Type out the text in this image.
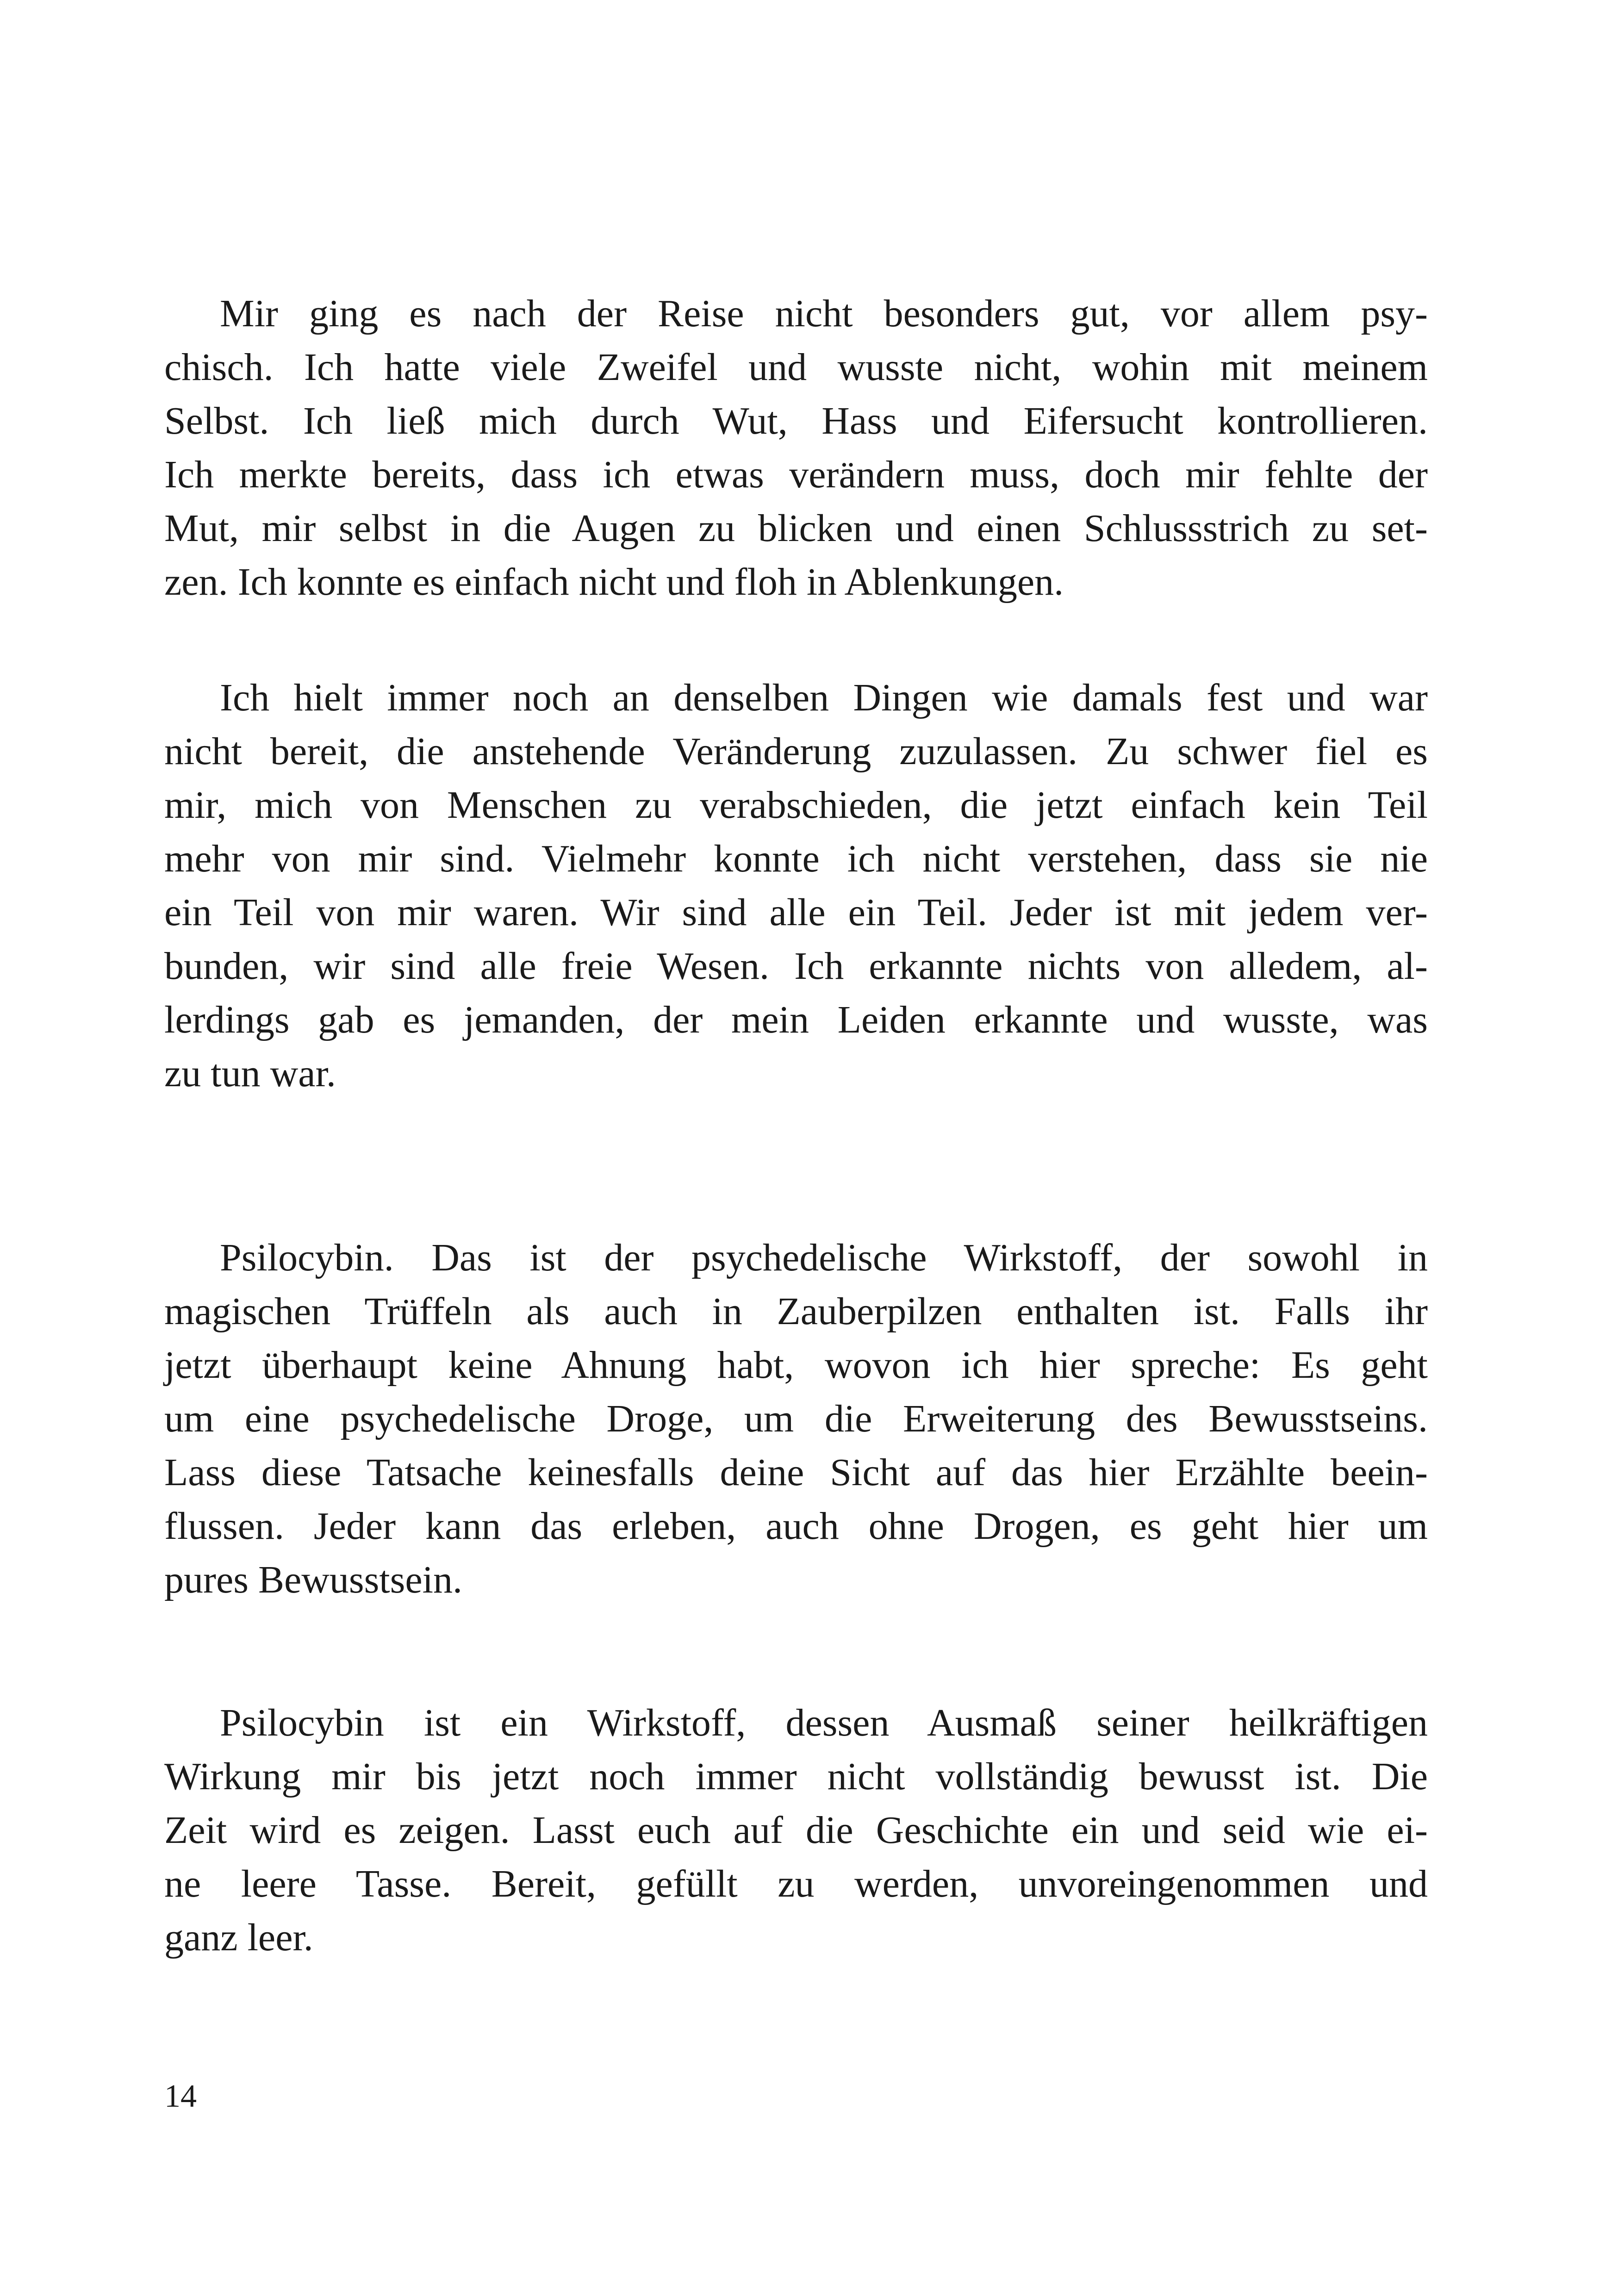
Mir ging es nach der Reise nicht besonders gut, vor allem psy-
chisch. Ich hatte viele Zweifel und wusste nicht, wohin mit meinem
Selbst. Ich ließ mich durch Wut, Hass und Eifersucht kontrollieren.
Ich merkte bereits, dass ich etwas verändern muss, doch mir fehlte der
Mut, mir selbst in die Augen zu blicken und einen Schlussstrich zu set-
zen. Ich konnte es einfach nicht und floh in Ablenkungen.
Ich hielt immer noch an denselben Dingen wie damals fest und war
nicht bereit, die anstehende Veränderung zuzulassen. Zu schwer fiel es
mir, mich von Menschen zu verabschieden, die jetzt einfach kein Teil
mehr von mir sind. Vielmehr konnte ich nicht verstehen, dass sie nie
ein Teil von mir waren. Wir sind alle ein Teil. Jeder ist mit jedem ver-
bunden, wir sind alle freie Wesen. Ich erkannte nichts von alledem, al-
lerdings gab es jemanden, der mein Leiden erkannte und wusste, was
zu tun war.
Psilocybin. Das ist der psychedelische Wirkstoff, der sowohl in
magischen Trüffeln als auch in Zauberpilzen enthalten ist. Falls ihr
jetzt überhaupt keine Ahnung habt, wovon ich hier spreche: Es geht
um eine psychedelische Droge, um die Erweiterung des Bewusstseins.
Lass diese Tatsache keinesfalls deine Sicht auf das hier Erzählte beein-
flussen. Jeder kann das erleben, auch ohne Drogen, es geht hier um
pures Bewusstsein.
Psilocybin ist ein Wirkstoff, dessen Ausmaß seiner heilkräftigen
Wirkung mir bis jetzt noch immer nicht vollständig bewusst ist. Die
Zeit wird es zeigen. Lasst euch auf die Geschichte ein und seid wie ei-
ne leere Tasse. Bereit, gefüllt zu werden, unvoreingenommen und
ganz leer.
14
